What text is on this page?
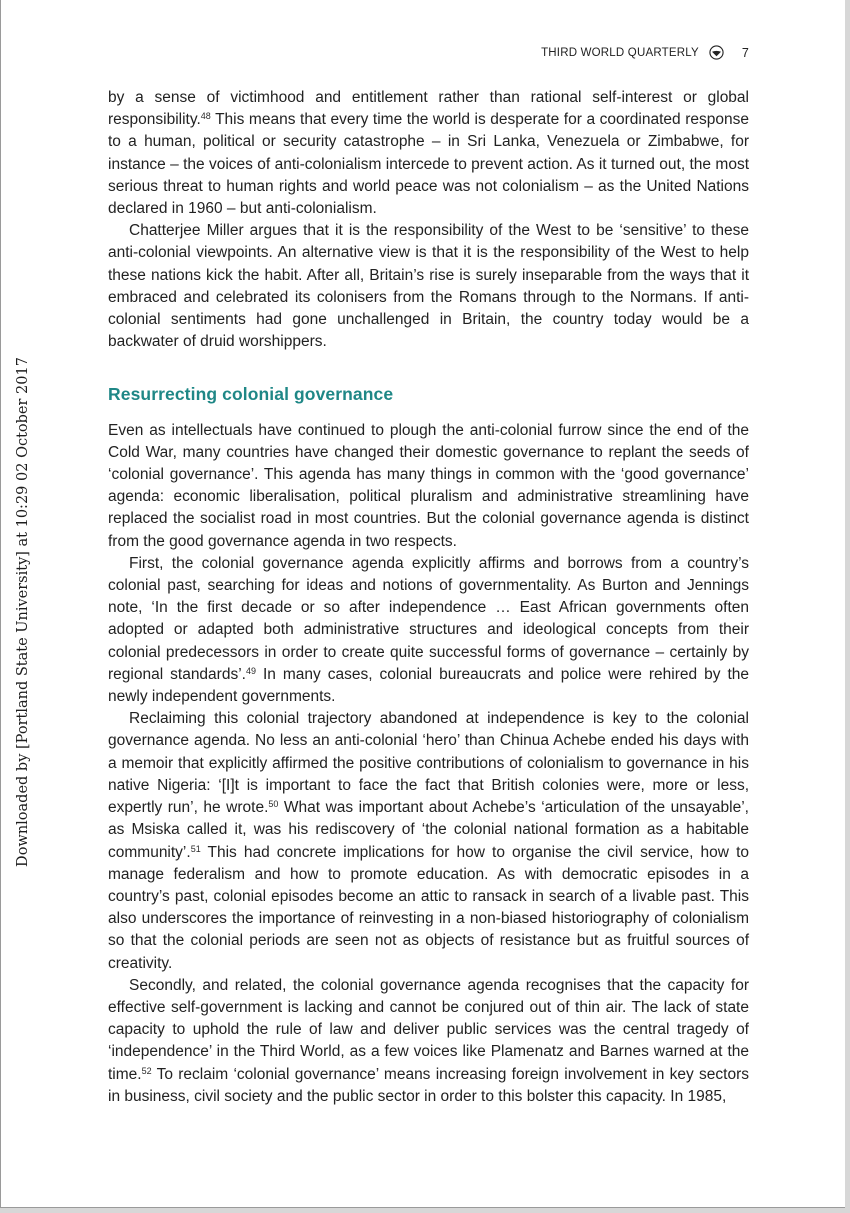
THIRD WORLD QUARTERLY	7
Downloaded by [Portland State University] at 10:29 02 October 2017

by a sense of victimhood and entitlement rather than rational self-interest or global responsibility.$^{48}$ This means that every time the world is desperate for a coordinated response to a human, political or security catastrophe – in Sri Lanka, Venezuela or Zimbabwe, for instance – the voices of anti-colonialism intercede to prevent action. As it turned out, the most serious threat to human rights and world peace was not colonialism – as the United Nations declared in 1960 – but anti-colonialism.

Chatterjee Miller argues that it is the responsibility of the West to be ‘sensitive’ to these anti-colonial viewpoints. An alternative view is that it is the responsibility of the West to help these nations kick the habit. After all, Britain’s rise is surely inseparable from the ways that it embraced and celebrated its colonisers from the Romans through to the Normans. If anti-colonial sentiments had gone unchallenged in Britain, the country today would be a backwater of druid worshippers.

Resurrecting colonial governance

Even as intellectuals have continued to plough the anti-colonial furrow since the end of the Cold War, many countries have changed their domestic governance to replant the seeds of ‘colonial governance’. This agenda has many things in common with the ‘good governance’ agenda: economic liberalisation, political pluralism and administrative streamlining have replaced the socialist road in most countries. But the colonial governance agenda is distinct from the good governance agenda in two respects.

First, the colonial governance agenda explicitly affirms and borrows from a country’s colonial past, searching for ideas and notions of governmentality. As Burton and Jennings note, ‘In the first decade or so after independence … East African governments often adopted or adapted both administrative structures and ideological concepts from their colonial predecessors in order to create quite successful forms of governance – certainly by regional standards’.$^{49}$ In many cases, colonial bureaucrats and police were rehired by the newly independent governments.

Reclaiming this colonial trajectory abandoned at independence is key to the colonial governance agenda. No less an anti-colonial ‘hero’ than Chinua Achebe ended his days with a memoir that explicitly affirmed the positive contributions of colonialism to governance in his native Nigeria: ‘[I]t is important to face the fact that British colonies were, more or less, expertly run’, he wrote.$^{50}$ What was important about Achebe’s ‘articulation of the unsayable’, as Msiska called it, was his rediscovery of ‘the colonial national formation as a habitable community’.$^{51}$ This had concrete implications for how to organise the civil service, how to manage federalism and how to promote education. As with democratic episodes in a country’s past, colonial episodes become an attic to ransack in search of a livable past. This also underscores the importance of reinvesting in a non-biased historiography of colonialism so that the colonial periods are seen not as objects of resistance but as fruitful sources of creativity.

Secondly, and related, the colonial governance agenda recognises that the capacity for effective self-government is lacking and cannot be conjured out of thin air. The lack of state capacity to uphold the rule of law and deliver public services was the central tragedy of ‘independence’ in the Third World, as a few voices like Plamenatz and Barnes warned at the time.$^{52}$ To reclaim ‘colonial governance’ means increasing foreign involvement in key sectors in business, civil society and the public sector in order to this bolster this capacity. In 1985,
